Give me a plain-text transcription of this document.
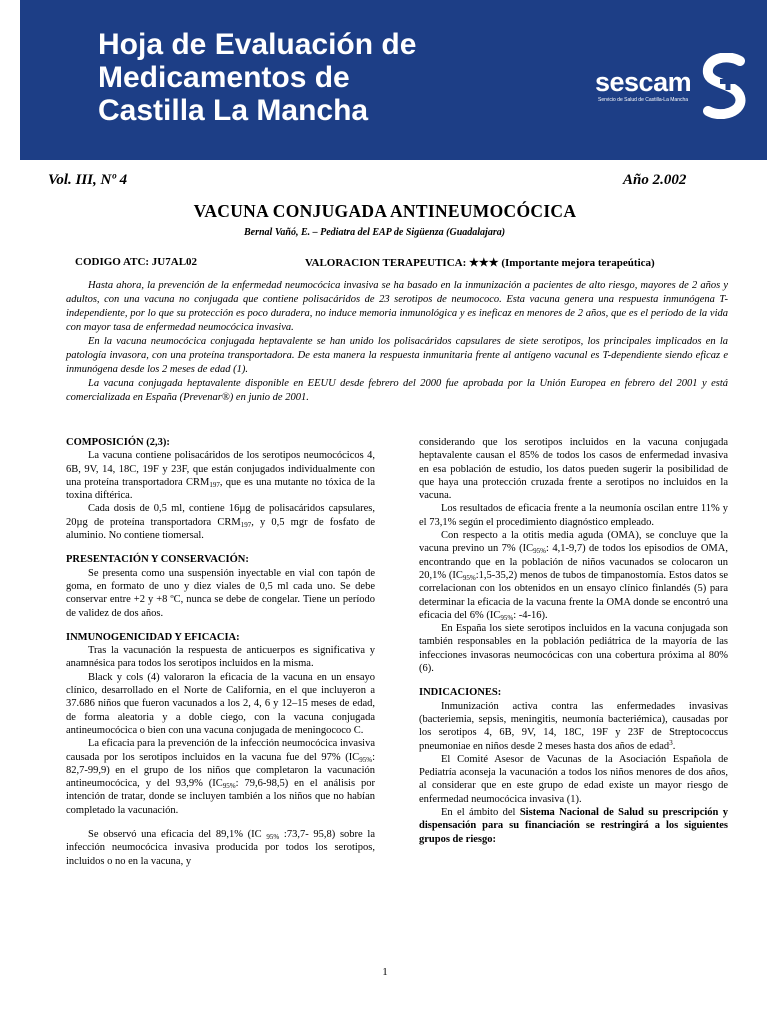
Hoja de Evaluación de
Medicamentos de
Castilla La Mancha
sescam
Servicio de Salud de Castilla-La Mancha
Vol. III, Nº 4	Año 2.002
VACUNA CONJUGADA ANTINEUMOCÓCICA
Bernal Vañó, E. – Pediatra del EAP de Sigüenza (Guadalajara)
CODIGO ATC: JU7AL02	VALORACION TERAPEUTICA: ★★★ (Importante mejora terapeútica)

Hasta ahora, la prevención de la enfermedad neumocócica invasiva se ha basado en la inmunización a pacientes de alto riesgo, mayores de 2 años y adultos, con una vacuna no conjugada que contiene polisacáridos de 23 serotipos de neumococo. Esta vacuna genera una respuesta inmunógena T-independiente, por lo que su protección es poco duradera, no induce memoria inmunológica y es ineficaz en menores de 2 años, que es el período de la vida con mayor tasa de enfermedad neumocócica invasiva.

En la vacuna neumocócica conjugada heptavalente se han unido los polisacáridos capsulares de siete serotipos, los principales implicados en la patología invasora, con una proteína transportadora. De esta manera la respuesta inmunitaria frente al antígeno vacunal es T-dependiente siendo eficaz e inmunógena desde los 2 meses de edad (1).

La vacuna conjugada heptavalente disponible en EEUU desde febrero del 2000 fue aprobada por la Unión Europea en febrero del 2001 y está comercializada en España (Prevenar®) en junio de 2001.

COMPOSICIÓN (2,3):

La vacuna contiene polisacáridos de los serotipos neumocócicos 4, 6B, 9V, 14, 18C, 19F y 23F, que están conjugados individualmente con una proteína transportadora $CRM_{197}$, que es una mutante no tóxica de la toxina diftérica.

Cada dosis de 0,5 ml, contiene 16µg de polisacáridos capsulares, 20µg de proteína transportadora $CRM_{197}$, y 0,5 mgr de fosfato de aluminio. No contiene tiomersal.

PRESENTACIÓN Y CONSERVACIÓN:

Se presenta como una suspensión inyectable en vial con tapón de goma, en formato de uno y diez viales de 0,5 ml cada uno. Se debe conservar entre +2 y +8 ºC, nunca se debe de congelar. Tiene un período de validez de dos años.

INMUNOGENICIDAD Y EFICACIA:

Tras la vacunación la respuesta de anticuerpos es significativa y anamnésica para todos los serotipos incluidos en la misma.

Black y cols (4) valoraron la eficacia de la vacuna en un ensayo clínico, desarrollado en el Norte de California, en el que incluyeron a 37.686 niños que fueron vacunados a los 2, 4, 6 y 12–15 meses de edad, de forma aleatoria y a doble ciego, con la vacuna conjugada antineumocócica o bien con una vacuna conjugada de meningococo C.

La eficacia para la prevención de la infección neumocócica invasiva causada por los serotipos incluidos en la vacuna fue del 97% ($IC_{95\%}$: 82,7-99,9) en el grupo de los niños que completaron la vacunación antineumocócica, y del 93,9% ($IC_{95\%}$: 79,6-98,5) en el análisis por intención de tratar, donde se incluyen también a los niños que no habían completado la vacunación.

Se observó una eficacia del 89,1% (IC $_{95\%}$ :73,7- 95,8) sobre la infección neumocócica invasiva producida por todos los serotipos, incluidos o no en la vacuna, y

considerando que los serotipos incluidos en la vacuna conjugada heptavalente causan el 85% de todos los casos de enfermedad invasiva en esa población de estudio, los datos pueden sugerir la posibilidad de que haya una protección cruzada frente a serotipos no incluidos en la vacuna.

Los resultados de eficacia frente a la neumonía oscilan entre 11% y el 73,1% según el procedimiento diagnóstico empleado.

Con respecto a la otitis media aguda (OMA), se concluye que la vacuna previno un 7% ($IC_{95\%}$: 4,1-9,7) de todos los episodios de OMA, encontrando que en la población de niños vacunados se colocaron un 20,1% $(IC_{95\%}:1,5-35,2)$ menos de tubos de timpanostomía. Estos datos se correlacionan con los obtenidos en un ensayo clínico finlandés (5) para determinar la eficacia de la vacuna frente la OMA donde se encontró una eficacia del 6% ($IC_{95\%}$: -4-16).

En España los siete serotipos incluidos en la vacuna conjugada son también responsables en la población pediátrica de la mayoría de las infecciones invasoras neumocócicas con una cobertura próxima al 80% (6).

INDICACIONES:

Inmunización activa contra las enfermedades invasivas (bacteriemia, sepsis, meningitis, neumonía bacteriémica), causadas por los serotipos 4, 6B, 9V, 14, 18C, 19F y 23F de Streptococcus pneumoniae en niños desde 2 meses hasta dos años de edad$^3$.

El Comité Asesor de Vacunas de la Asociación Española de Pediatría aconseja la vacunación a todos los niños menores de dos años, al considerar que en este grupo de edad existe un mayor riesgo de enfermedad neumocócica invasiva (1).

En el ámbito del Sistema Nacional de Salud su prescripción y dispensación para su financiación se restringirá a los siguientes grupos de riesgo:

1
